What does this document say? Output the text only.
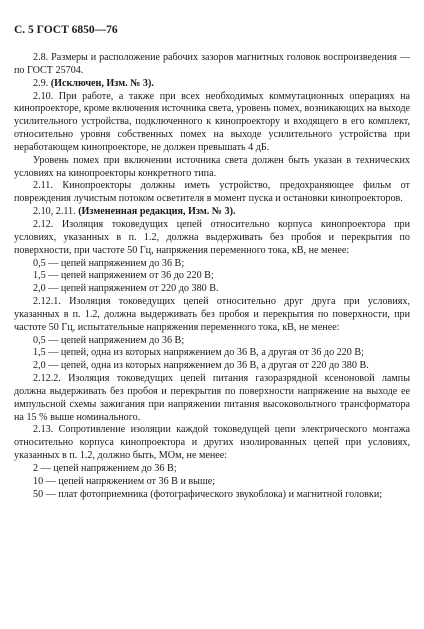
С. 5 ГОСТ 6850—76
2.8. Размеры и расположение рабочих зазоров магнитных головок воспроизведения — по ГОСТ 25704.
2.9. (Исключен, Изм. № 3).
2.10. При работе, а также при всех необходимых коммутационных операциях на кинопроекторе, кроме включения источника света, уровень помех, возникающих на выходе усилительного устройства, подключенного к кинопроектору и входящего в его комплект, относительно уровня собственных помех на выходе усилительного устройства при неработающем кинопроекторе, не должен превышать 4 дБ.
Уровень помех при включении источника света должен быть указан в технических условиях на кинопроекторы конкретного типа.
2.11. Кинопроекторы должны иметь устройство, предохраняющее фильм от повреждения лучистым потоком осветителя в момент пуска и остановки кинопроекторов.
2.10, 2.11. (Измененная редакция, Изм. № 3).
2.12. Изоляция токоведущих цепей относительно корпуса кинопроектора при условиях, указанных в п. 1.2, должна выдерживать без пробоя и перекрытия по поверхности, при частоте 50 Гц, напряжения переменного тока, кВ, не менее:
0,5 — цепей напряжением до 36 В;
1,5 — цепей напряжением от 36 до 220 В;
2,0 — цепей напряжением от 220 до 380 В.
2.12.1. Изоляция токоведущих цепей относительно друг друга при условиях, указанных в п. 1.2, должна выдерживать без пробоя и перекрытия по поверхности, при частоте 50 Гц, испытательные напряжения переменного тока, кВ, не менее:
0,5 — цепей напряжением до 36 В;
1,5 — цепей, одна из которых напряжением до 36 В, а другая от 36 до 220 В;
2,0 — цепей, одна из которых напряжением до 36 В, а другая от 220 до 380 В.
2.12.2. Изоляция токоведущих цепей питания газоразрядной ксеноновой лампы должна выдерживать без пробоя и перекрытия по поверхности напряжение на выходе ее импульсной схемы зажигания при напряжении питания высоковольтного трансформатора на 15 % выше номинального.
2.13. Сопротивление изоляции каждой токоведущей цепи электрического монтажа относительно корпуса кинопроектора и других изолированных цепей при условиях, указанных в п. 1.2, должно быть, МОм, не менее:
2 — цепей напряжением до 36 В;
10 — цепей напряжением от 36 В и выше;
50 — плат фотоприемника (фотографического звукоблока) и магнитной головки;
